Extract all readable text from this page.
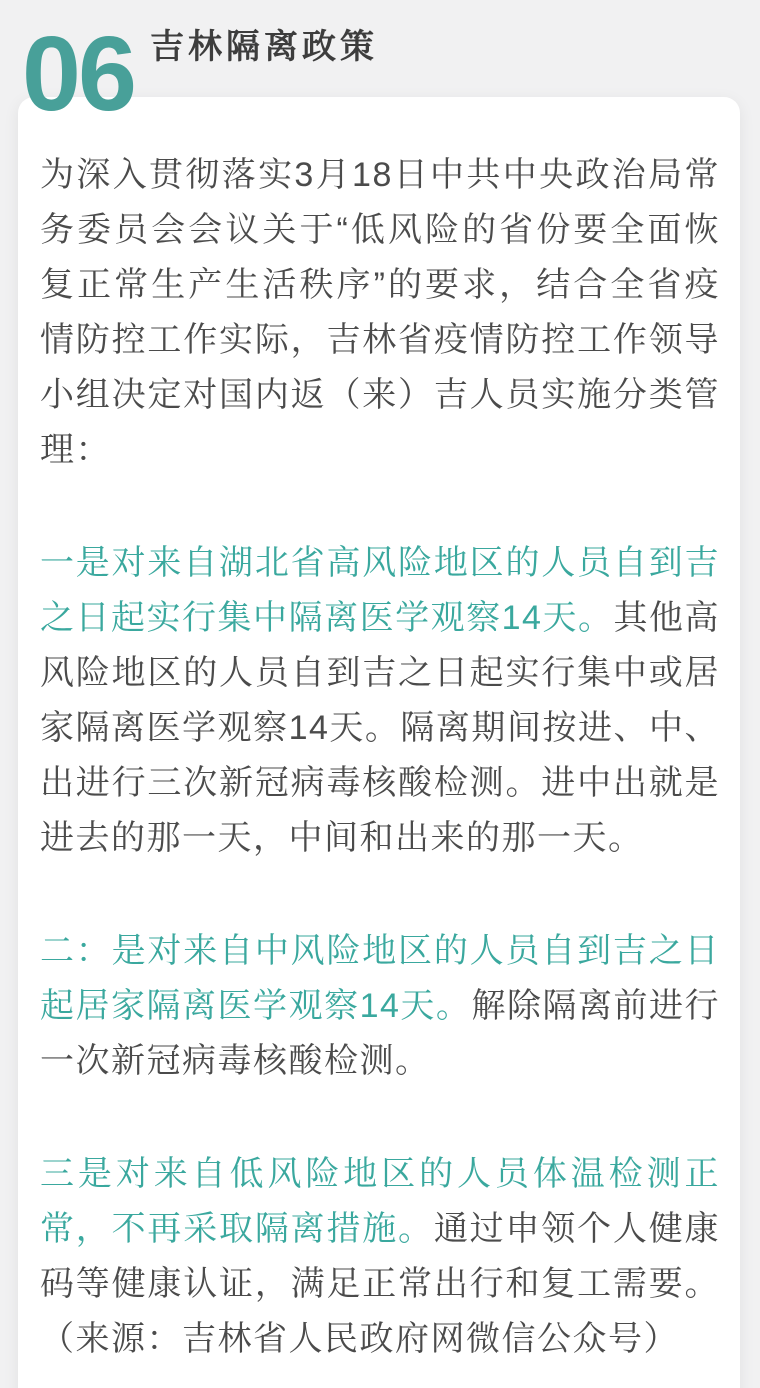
06 吉林隔离政策

为深入贯彻落实3月18日中共中央政治局常务委员会会议关于“低风险的省份要全面恢复正常生产生活秩序”的要求，结合全省疫情防控工作实际，吉林省疫情防控工作领导小组决定对国内返（来）吉人员实施分类管理：

一是对来自湖北省高风险地区的人员自到吉之日起实行集中隔离医学观察14天。其他高风险地区的人员自到吉之日起实行集中或居家隔离医学观察14天。隔离期间按进、中、出进行三次新冠病毒核酸检测。进中出就是进去的那一天，中间和出来的那一天。

二：是对来自中风险地区的人员自到吉之日起居家隔离医学观察14天。解除隔离前进行一次新冠病毒核酸检测。

三是对来自低风险地区的人员体温检测正常，不再采取隔离措施。通过申领个人健康码等健康认证，满足正常出行和复工需要。（来源：吉林省人民政府网微信公众号）
